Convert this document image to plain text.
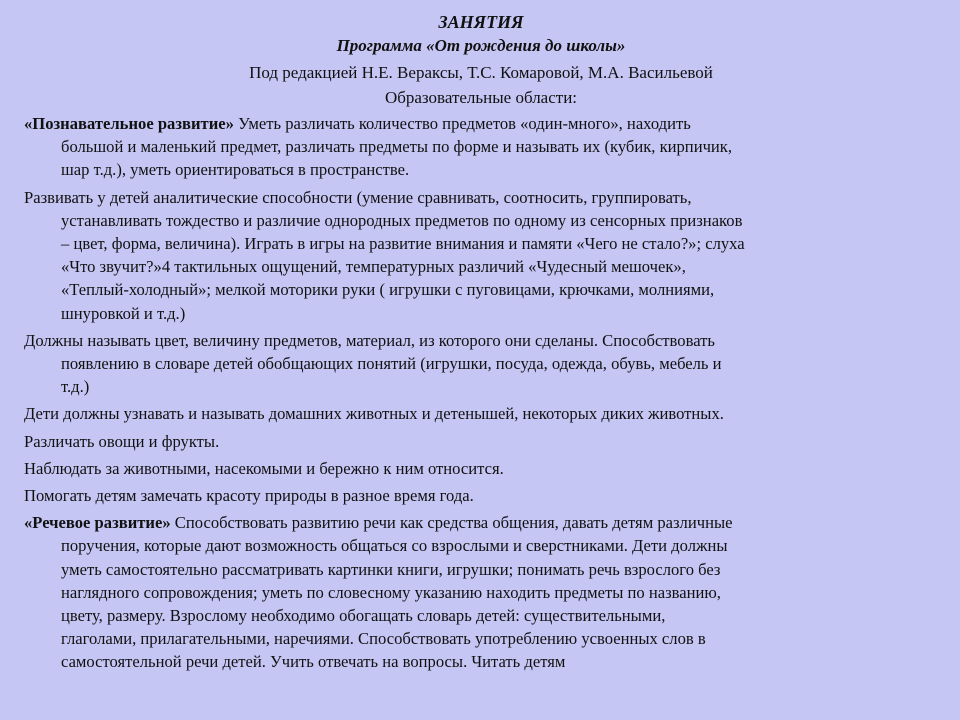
ЗАНЯТИЯ
Программа «От рождения до школы»
Под редакцией Н.Е. Вераксы, Т.С. Комаровой, М.А. Васильевой
Образовательные области:

«Познавательное развитие» Уметь различать количество предметов «один-много», находить
большой и маленький предмет, различать предметы по форме и называть их (кубик, кирпичик,
шар т.д.), уметь ориентироваться в пространстве.

Развивать у детей аналитические способности (умение сравнивать, соотносить, группировать,
устанавливать тождество и различие однородных предметов по одному из сенсорных признаков
– цвет, форма, величина). Играть в игры на развитие внимания и памяти «Чего не стало?»; слуха
«Что звучит?»4 тактильных ощущений, температурных различий «Чудесный мешочек»,
«Теплый-холодный»; мелкой моторики руки ( игрушки с пуговицами, крючками, молниями,
шнуровкой и т.д.)

Должны называть цвет, величину предметов, материал, из которого они сделаны. Способствовать
появлению в словаре детей обобщающих понятий (игрушки, посуда, одежда, обувь, мебель и
т.д.)

Дети должны узнавать и называть домашних животных и детенышей, некоторых диких животных.

Различать овощи и фрукты.

Наблюдать за животными, насекомыми и бережно к ним относится.

Помогать детям замечать красоту природы в разное время года.

«Речевое развитие» Способствовать развитию речи как средства общения, давать детям различные
поручения, которые дают возможность общаться со взрослыми и сверстниками. Дети должны
уметь самостоятельно рассматривать картинки книги, игрушки; понимать речь взрослого без
наглядного сопровождения; уметь по словесному указанию находить предметы по названию,
цвету, размеру. Взрослому необходимо обогащать словарь детей: существительными,
глаголами, прилагательными, наречиями. Способствовать употреблению усвоенных слов в
самостоятельной речи детей. Учить отвечать на вопросы. Читать детям
